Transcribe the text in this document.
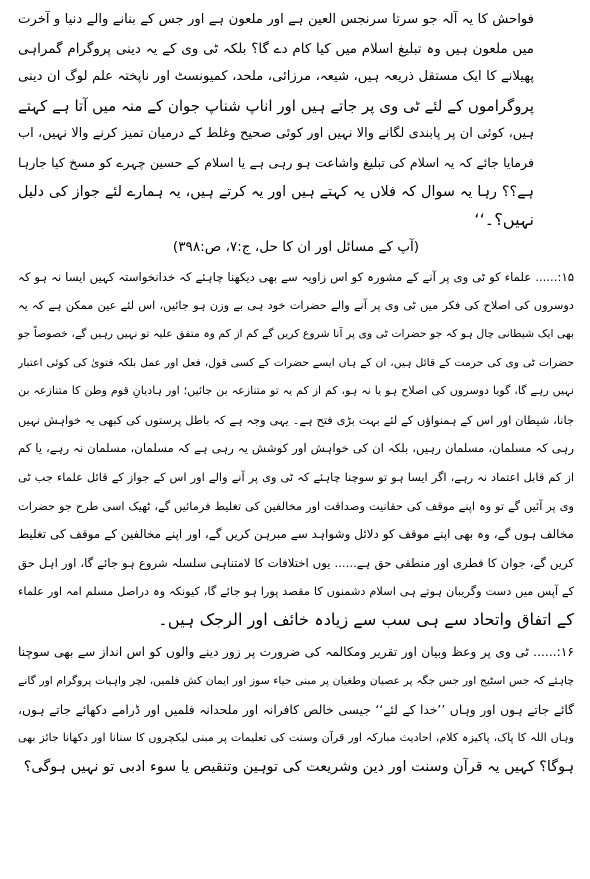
فواحش کا یہ آلہ جو سرتا سرنجس العین ہے اور ملعون ہے اور جس کے بنانے والے دنیا و آخرت
میں ملعون ہیں وہ تبلیغ اسلام میں کیا کام دے گا؟ بلکہ ٹی وی کے یہ دینی پروگرام گمراہی
پھیلانے کا ایک مستقل ذریعہ ہیں، شیعہ، مرزائی، ملحد، کمیونسٹ اور ناپختہ علم لوگ ان دینی
پروگراموں کے لئے ٹی وی پر جاتے ہیں اور اناپ شناپ جوان کے منہ میں آتا ہے کہتے
ہیں، کوئی ان پر پابندی لگانے والا نہیں اور کوئی صحیح وغلط کے درمیان تمیز کرنے والا نہیں، اب
فرمایا جائے کہ یہ اسلام کی تبلیغ واشاعت ہو رہی ہے یا اسلام کے حسین چہرے کو مسخ کیا جارہا
ہے؟؟ رہا یہ سوال کہ فلاں یہ کہتے ہیں اور یہ کرتے ہیں، یہ ہمارے لئے جواز کی دلیل
نہیں؟۔‘‘
(آپ کے مسائل اور ان کا حل، ج:۷، ص:۳۹۸)
۱۵:...... علماء کو ٹی وی پر آنے کے مشورہ کو اس زاویہ سے بھی دیکھنا چاہئے کہ خدانخواستہ کہیں ایسا نہ ہو کہ
دوسروں کی اصلاح کی فکر میں ٹی وی پر آنے والے حضرات خود ہی بے وزن ہو جائیں، اس لئے عین ممکن ہے کہ یہ
بھی ایک شیطانی چال ہو کہ جو حضرات ٹی وی پر آنا شروع کریں گے کم از کم وہ متفق علیہ تو نہیں رہیں گے، خصوصاً جو
حضرات ٹی وی کی حرمت کے قائل ہیں، ان کے ہاں ایسے حضرات کے کسی قول، فعل اور عمل بلکہ فتویٰ کی کوئی اعتبار
نہیں رہے گا، گویا دوسروں کی اصلاح ہو یا نہ ہو، کم از کم یہ تو متنازعہ بن جائیں؛ اور ہادیانِ قوم وطن کا متنازعہ بن
جانا، شیطان اور اس کے ہمنواؤں کے لئے بہت بڑی فتح ہے۔ یہی وجہ ہے کہ باطل پرستوں کی کبھی یہ خواہش نہیں
رہی کہ مسلمان، مسلمان رہیں، بلکہ ان کی خواہش اور کوشش یہ رہی ہے کہ مسلمان، مسلمان نہ رہے، یا کم
از کم قابل اعتماد نہ رہے، اگر ایسا ہو تو سوچنا چاہئے کہ ٹی وی پر آنے والے اور اس کے جواز کے قائل علماء جب ٹی
وی پر آئیں گے تو وہ اپنے موقف کی حقانیت وصداقت اور مخالفین کی تغلیط فرمائیں گے، ٹھیک اسی طرح جو حضرات
مخالف ہوں گے، وہ بھی اپنے موقف کو دلائل وشواہد سے مبرہن کریں گے، اور اپنے مخالفین کے موقف کی تغلیط
کریں گے، جوان کا فطری اور منطقی حق ہے...... یوں اختلافات کا لامتناہی سلسلہ شروع ہو جائے گا، اور اہل حق
کے آپس میں دست وگریبان ہوتے ہی اسلام دشمنوں کا مقصد پورا ہو جائے گا، کیونکہ وہ دراصل مسلم امہ اور علماء
کے اتفاق واتحاد سے ہی سب سے زیادہ خائف اور الرجک ہیں۔
۱۶:...... ٹی وی پر وعظ وبیان اور تقریر ومکالمہ کی ضرورت پر زور دینے والوں کو اس انداز سے بھی سوچنا
چاہئے کہ جس اسٹیج اور جس جگہ پر عصیان وطغیان پر مبنی حیاء سوز اور ایمان کش فلمیں، لچر واہیات پروگرام اور گانے
گائے جاتے ہوں اور وہاں ’’خدا کے لئے‘‘ جیسی خالص کافرانہ اور ملحدانہ فلمیں اور ڈرامے دکھائے جاتے ہوں،
وہاں اللہ کا پاک، پاکیزہ کلام، احادیث مبارکہ اور قرآن وسنت کی تعلیمات پر مبنی لیکچروں کا سنانا اور دکھانا جائز بھی
ہوگا؟ کہیں یہ قرآن وسنت اور دین وشریعت کی توہین وتنقیص یا سوء ادبی تو نہیں ہوگی؟
